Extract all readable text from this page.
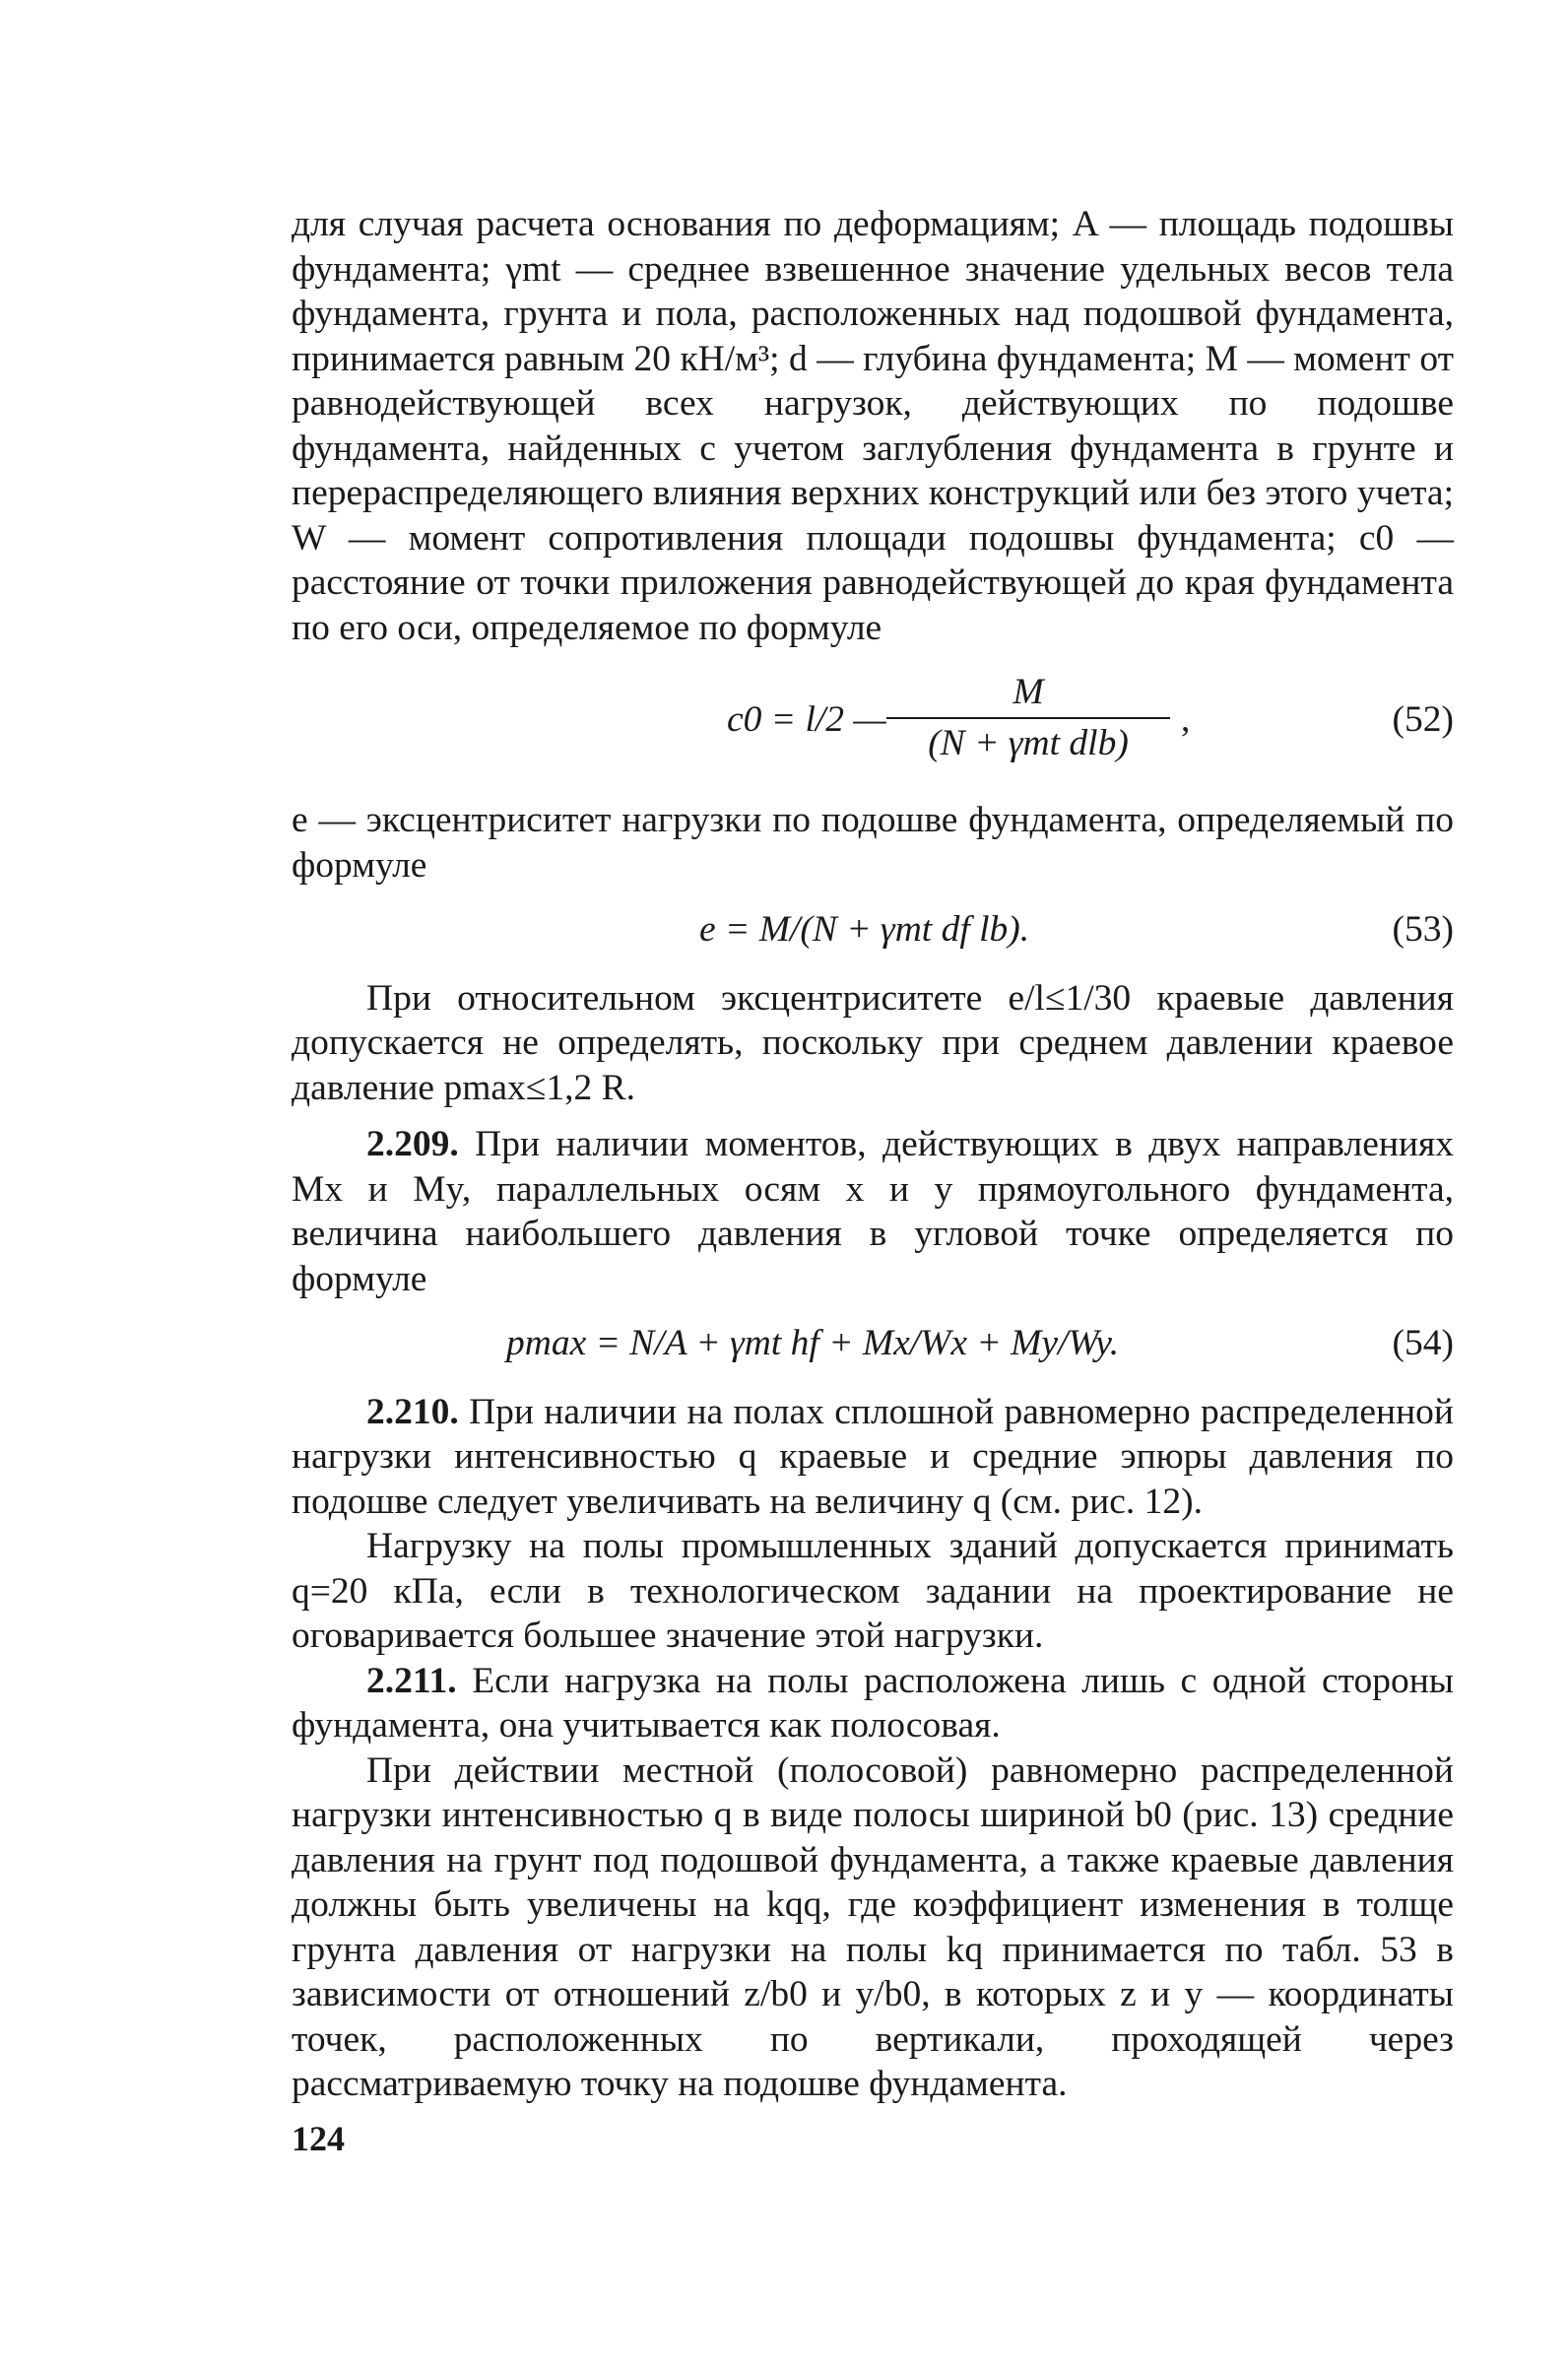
для случая расчета основания по деформациям; A — площадь подошвы фундамента; γmt — среднее взвешенное значение удельных весов тела фундамента, грунта и пола, расположенных над подошвой фундамента, принимается равным 20 кН/м³; d — глубина фундамента; M — момент от равнодействующей всех нагрузок, действующих по подошве фундамента, найденных с учетом заглубления фундамента в грунте и перераспределяющего влияния верхних конструкций или без этого учета; W — момент сопротивления площади подошвы фундамента; c0 — расстояние от точки приложения равнодействующей до края фундамента по его оси, определяемое по формуле

c0 = l/2 —
M
(N + γmt dlb)
,	(52)

e — эксцентриситет нагрузки по подошве фундамента, определяемый по формуле

e = M/(N + γmt df lb).	(53)

При относительном эксцентриситете e/l≤1/30 краевые давления допускается не определять, поскольку при среднем давлении краевое давление pmax≤1,2 R.

2.209. При наличии моментов, действующих в двух направлениях Mx и My, параллельных осям x и y прямоугольного фундамента, величина наибольшего давления в угловой точке определяется по формуле

pmax = N/A + γmt hf + Mx/Wx + My/Wy.	(54)

2.210. При наличии на полах сплошной равномерно распределенной нагрузки интенсивностью q краевые и средние эпюры давления по подошве следует увеличивать на величину q (см. рис. 12).

Нагрузку на полы промышленных зданий допускается принимать q=20 кПа, если в технологическом задании на проектирование не оговаривается большее значение этой нагрузки.

2.211. Если нагрузка на полы расположена лишь с одной стороны фундамента, она учитывается как полосовая.

При действии местной (полосовой) равномерно распределенной нагрузки интенсивностью q в виде полосы шириной b0 (рис. 13) средние давления на грунт под подошвой фундамента, а также краевые давления должны быть увеличены на kqq, где коэффициент изменения в толще грунта давления от нагрузки на полы kq принимается по табл. 53 в зависимости от отношений z/b0 и y/b0, в которых z и y — координаты точек, расположенных по вертикали, проходящей через рассматриваемую точку на подошве фундамента.

124
